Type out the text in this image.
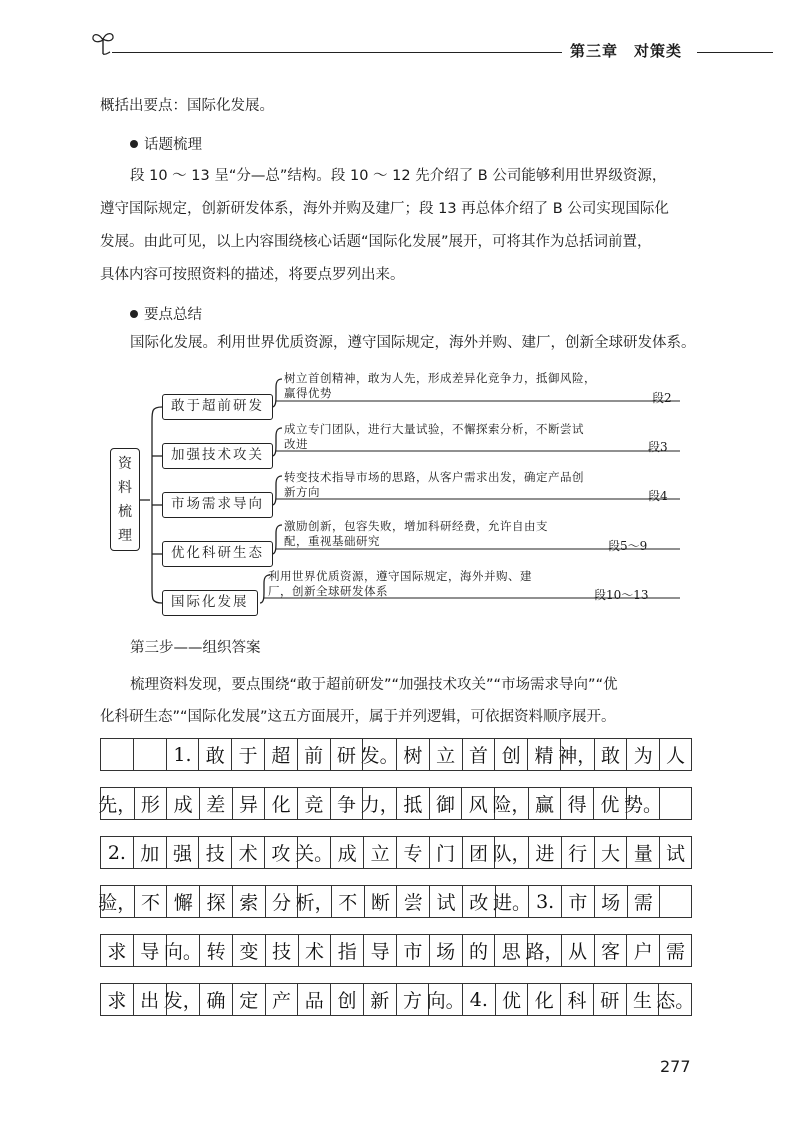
第三章　对策类
概括出要点：国际化发展。
话题梳理
段 10 ～ 13 呈“分—总”结构。段 10 ～ 12 先介绍了 B 公司能够利用世界级资源，
遵守国际规定，创新研发体系，海外并购及建厂；段 13 再总体介绍了 B 公司实现国际化
发展。由此可见，以上内容围绕核心话题“国际化发展”展开，可将其作为总括词前置，
具体内容可按照资料的描述，将要点罗列出来。
要点总结
国际化发展。利用世界优质资源，遵守国际规定，海外并购、建厂，创新全球研发体系。
资
料
梳
理
敢于超前研发
树立首创精神，敢为人先，形成差异化竞争力，抵御风险，
赢得优势	段2
加强技术攻关
成立专门团队，进行大量试验，不懈探索分析，不断尝试
改进	段3
市场需求导向
转变技术指导市场的思路，从客户需求出发，确定产品创
新方向	段4
优化科研生态
激励创新，包容失败，增加科研经费，允许自由支
配，重视基础研究	段5～9
国际化发展
利用世界优质资源，遵守国际规定，海外并购、建
厂，创新全球研发体系	段10～13
第三步——组织答案
梳理资料发现，要点围绕“敢于超前研发”“加强技术攻关”“市场需求导向”“优
化科研生态”“国际化发展”这五方面展开，属于并列逻辑，可依据资料顺序展开。
1. 敢 于 超 前 研 发。 树 立 首 创 精 神， 敢 为 人
先， 形 成 差 异 化 竞 争 力， 抵 御 风 险， 赢 得 优 势。
2. 加 强 技 术 攻 关。 成 立 专 门 团 队， 进 行 大 量 试
验， 不 懈 探 索 分 析， 不 断 尝 试 改 进。 3. 市 场 需
求 导 向。 转 变 技 术 指 导 市 场 的 思 路， 从 客 户 需
求 出 发， 确 定 产 品 创 新 方 向。 4. 优 化 科 研 生 态。
277
